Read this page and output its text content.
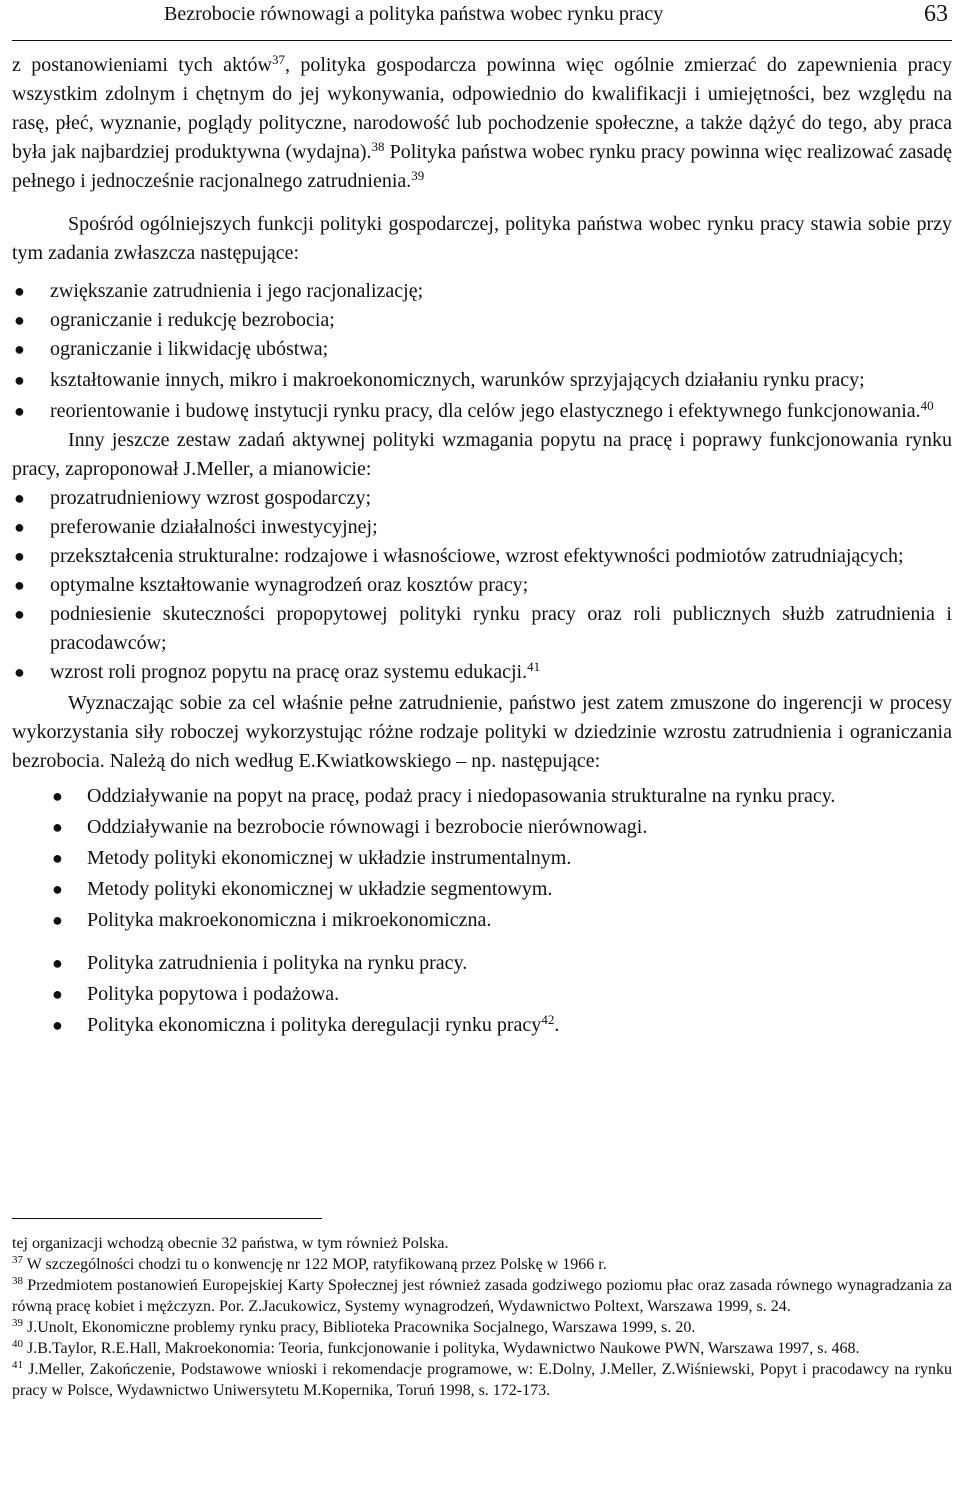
Bezrobocie równowagi a polityka państwa wobec rynku pracy	63

z postanowieniami tych aktów$^{37}$, polityka gospodarcza powinna więc ogólnie zmierzać do zapewnienia pracy wszystkim zdolnym i chętnym do jej wykonywania, odpowiednio do kwalifikacji i umiejętności, bez względu na rasę, płeć, wyznanie, poglądy polityczne, narodowość lub pochodzenie społeczne, a także dążyć do tego, aby praca była jak najbardziej produktywna (wydajna).$^{38}$ Polityka państwa wobec rynku pracy powinna więc realizować zasadę pełnego i jednocześnie racjonalnego zatrudnienia.$^{39}$

Spośród ogólniejszych funkcji polityki gospodarczej, polityka państwa wobec rynku pracy stawia sobie przy tym zadania zwłaszcza następujące:

● zwiększanie zatrudnienia i jego racjonalizację;
● ograniczanie i redukcję bezrobocia;
● ograniczanie i likwidację ubóstwa;
● kształtowanie innych, mikro i makroekonomicznych, warunków sprzyjających działaniu rynku pracy;
● reorientowanie i budowę instytucji rynku pracy, dla celów jego elastycznego i efektywnego funkcjonowania.$^{40}$

Inny jeszcze zestaw zadań aktywnej polityki wzmagania popytu na pracę i poprawy funkcjonowania rynku pracy, zaproponował J.Meller, a mianowicie:

● prozatrudnieniowy wzrost gospodarczy;
● preferowanie działalności inwestycyjnej;
● przekształcenia strukturalne: rodzajowe i własnościowe, wzrost efektywności podmiotów zatrudniających;
● optymalne kształtowanie wynagrodzeń oraz kosztów pracy;
● podniesienie skuteczności propopytowej polityki rynku pracy oraz roli publicznych służb zatrudnienia i pracodawców;
● wzrost roli prognoz popytu na pracę oraz systemu edukacji.$^{41}$

Wyznaczając sobie za cel właśnie pełne zatrudnienie, państwo jest zatem zmuszone do ingerencji w procesy wykorzystania siły roboczej wykorzystując różne rodzaje polityki w dziedzinie wzrostu zatrudnienia i ograniczania bezrobocia. Należą do nich według E.Kwiatkowskiego – np. następujące:

● Oddziaływanie na popyt na pracę, podaż pracy i niedopasowania strukturalne na rynku pracy.
● Oddziaływanie na bezrobocie równowagi i bezrobocie nierównowagi.
● Metody polityki ekonomicznej w układzie instrumentalnym.
● Metody polityki ekonomicznej w układzie segmentowym.
● Polityka makroekonomiczna i mikroekonomiczna.
● Polityka zatrudnienia i polityka na rynku pracy.
● Polityka popytowa i podażowa.
● Polityka ekonomiczna i polityka deregulacji rynku pracy$^{42}$.

tej organizacji wchodzą obecnie 32 państwa, w tym również Polska.

$^{37}$ W szczególności chodzi tu o konwencję nr 122 MOP, ratyfikowaną przez Polskę w 1966 r.

$^{38}$ Przedmiotem postanowień Europejskiej Karty Społecznej jest również zasada godziwego poziomu płac oraz zasada równego wynagradzania za równą pracę kobiet i mężczyzn. Por. Z.Jacukowicz, Systemy wynagrodzeń, Wydawnictwo Poltext, Warszawa 1999, s. 24.

$^{39}$ J.Unolt, Ekonomiczne problemy rynku pracy, Biblioteka Pracownika Socjalnego, Warszawa 1999, s. 20.

$^{40}$ J.B.Taylor, R.E.Hall, Makroekonomia: Teoria, funkcjonowanie i polityka, Wydawnictwo Naukowe PWN, Warszawa 1997, s. 468.

$^{41}$ J.Meller, Zakończenie, Podstawowe wnioski i rekomendacje programowe, w: E.Dolny, J.Meller, Z.Wiśniewski, Popyt i pracodawcy na rynku pracy w Polsce, Wydawnictwo Uniwersytetu M.Kopernika, Toruń 1998, s. 172-173.
